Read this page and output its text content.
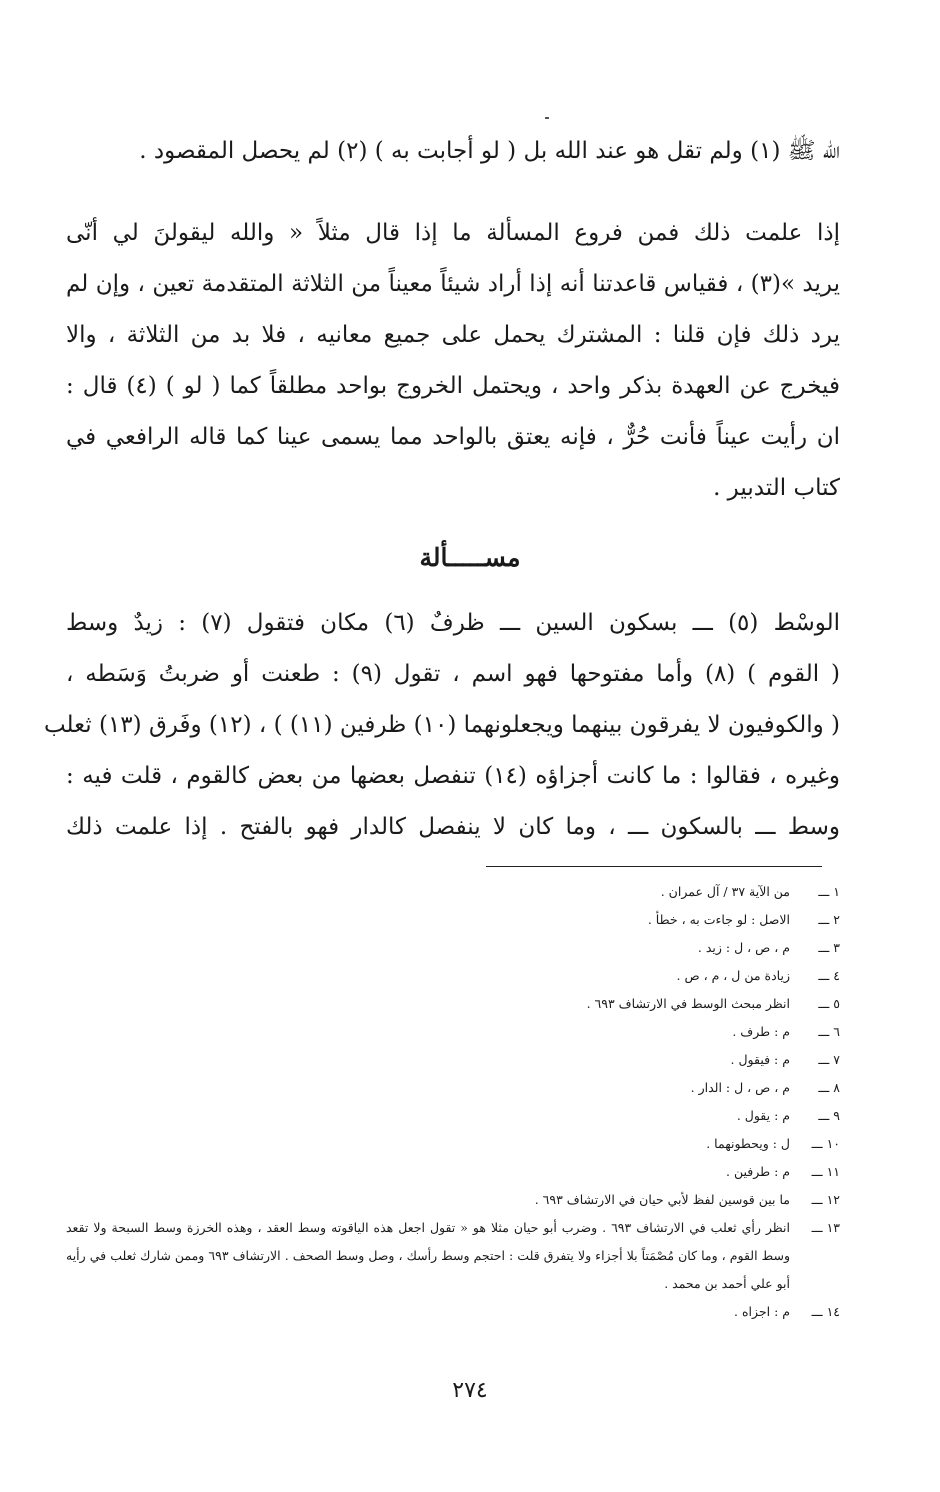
الله ﷺ (١) ولم تقل هو عند الله بل ( لو أجابت به ) (٢) لم يحصل المقصود .
إذا علمت ذلك فمن فروع المسألة ما إذا قال مثلاً « والله ليقولنَ لي أنّى
يريد »(٣) ، فقياس قاعدتنا أنه إذا أراد شيئاً معيناً من الثلاثة المتقدمة تعين ، وإن لم
يرد ذلك فإن قلنا : المشترك يحمل على جميع معانيه ، فلا بد من الثلاثة ، والا
فيخرج عن العهدة بذكر واحد ، ويحتمل الخروج بواحد مطلقاً كما ( لو ) (٤) قال :
ان رأيت عيناً فأنت حُرٌّ ، فإنه يعتق بالواحد مما يسمى عينا كما قاله الرافعي في
كتاب التدبير .
مســـــألة
الوسْط (٥) ـــ بسكون السين ـــ ظرفٌ (٦) مكان فتقول (٧) : زيدٌ وسط
( القوم ) (٨) وأما مفتوحها فهو اسم ، تقول (٩) : طعنت أو ضربتُ وَسَطه ،
( والكوفيون لا يفرقون بينهما ويجعلونهما (١٠) ظرفين (١١) ) ، (١٢) وفَرق (١٣) ثعلب
وغيره ، فقالوا : ما كانت أجزاؤه (١٤) تنفصل بعضها من بعض كالقوم ، قلت فيه :
وسط ـــ بالسكون ـــ ، وما كان لا ينفصل كالدار فهو بالفتح . إذا علمت ذلك
١ ـــ
من الآية ٣٧ / آل عمران .
٢ ـــ
الاصل : لو جاءت به ، خطأ .
٣ ـــ
م ، ص ، ل : زيد .
٤ ـــ
زيادة من ل ، م ، ص .
٥ ـــ
انظر مبحث الوسط في الارتشاف ٦٩٣ .
٦ ـــ
م : طرف .
٧ ـــ
م : فيقول .
٨ ـــ
م ، ص ، ل : الدار .
٩ ـــ
م : يقول .
١٠ ـــ
ل : ويحطونهما .
١١ ـــ
م : طرفين .
١٢ ـــ
ما بين قوسين لفظ لأبي حيان في الارتشاف ٦٩٣ .
١٣ ـــ
انظر رأي ثعلب في الارتشاف ٦٩٣ . وضرب أبو حيان مثلا هو « تقول اجعل هذه الياقوته وسط العقد ، وهذه الخرزة وسط السبحة ولا تقعد وسط القوم ، وما كان مُصْمَتاً بلا أجزاء ولا يتفرق قلت : احتجم وسط رأسك ، وصل وسط الصحف . الارتشاف ٦٩٣ وممن شارك ثعلب في رأيه أبو علي أحمد بن محمد .
١٤ ـــ
م : اجزاه .
٢٧٤
